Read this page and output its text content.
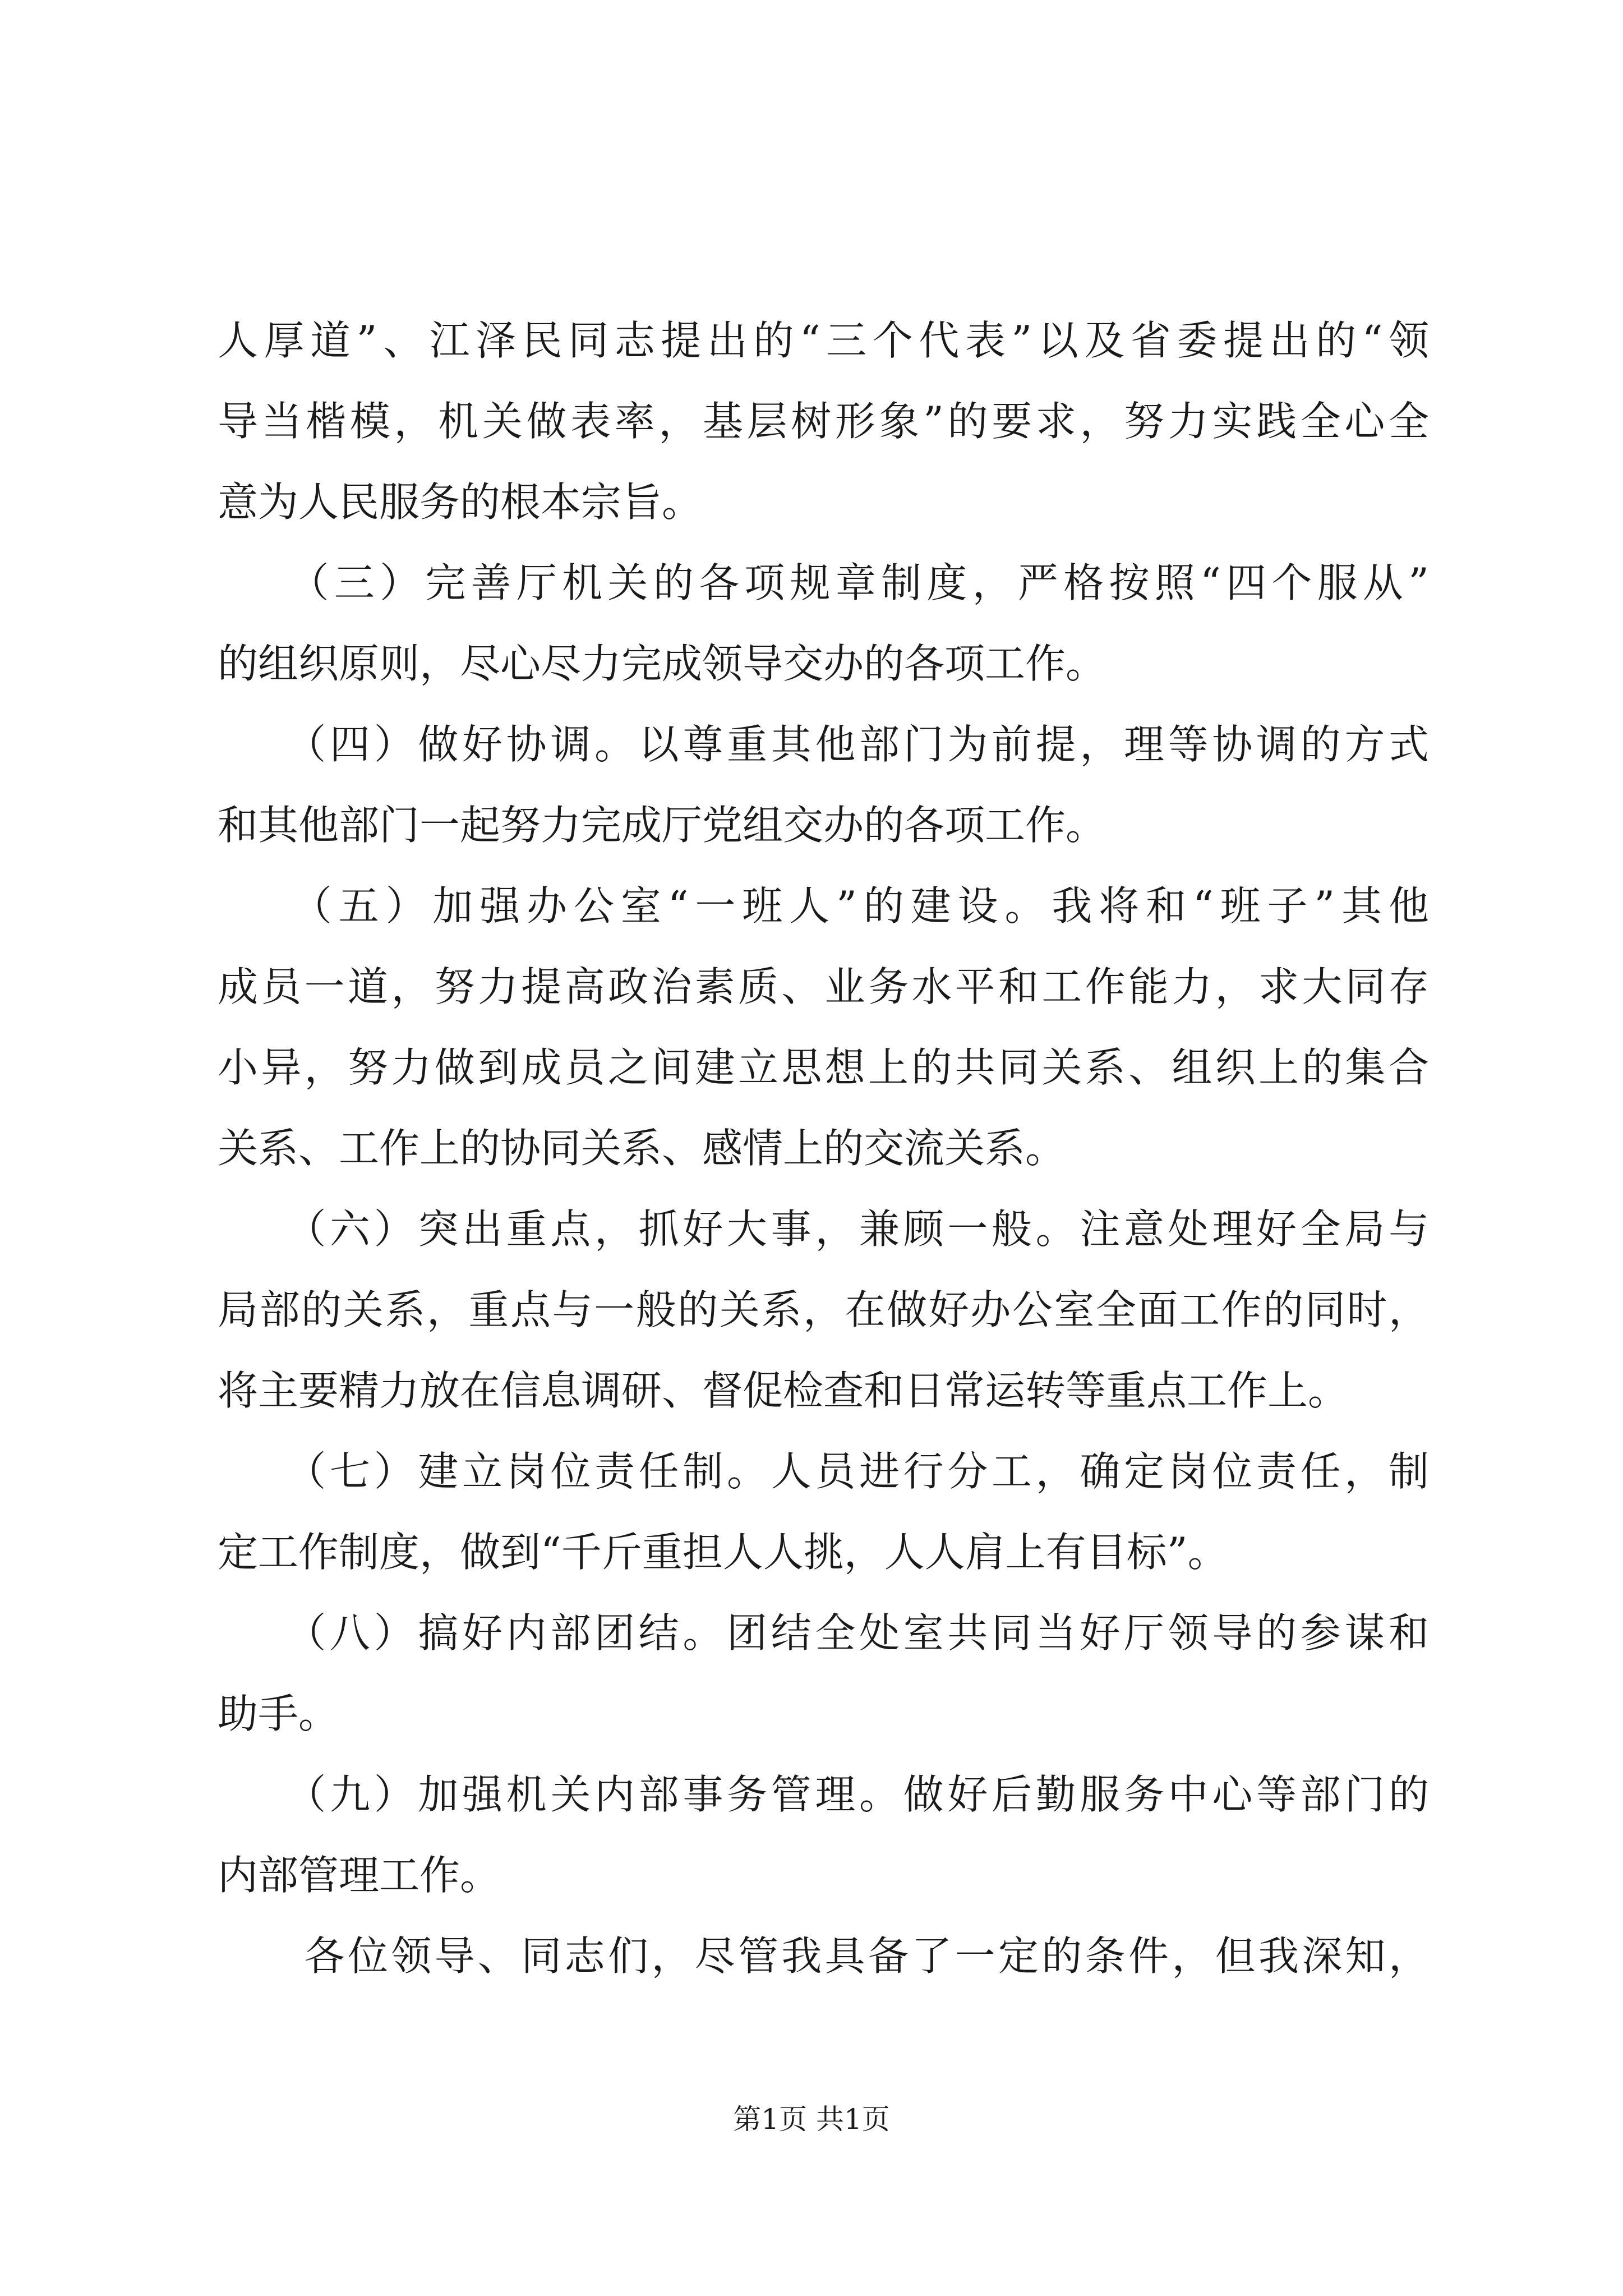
人厚道”、江泽民同志提出的“三个代表”以及省委提出的“领
导当楷模，机关做表率，基层树形象”的要求，努力实践全心全
意为人民服务的根本宗旨。
　　（三）完善厅机关的各项规章制度，严格按照“四个服从”
的组织原则，尽心尽力完成领导交办的各项工作。
　　（四）做好协调。以尊重其他部门为前提，理等协调的方式
和其他部门一起努力完成厅党组交办的各项工作。
　　（五）加强办公室“一班人”的建设。我将和“班子”其他
成员一道，努力提高政治素质、业务水平和工作能力，求大同存
小异，努力做到成员之间建立思想上的共同关系、组织上的集合
关系、工作上的协同关系、感情上的交流关系。
　　（六）突出重点，抓好大事，兼顾一般。注意处理好全局与
局部的关系，重点与一般的关系，在做好办公室全面工作的同时，
将主要精力放在信息调研、督促检查和日常运转等重点工作上。
　　（七）建立岗位责任制。人员进行分工，确定岗位责任，制
定工作制度，做到“千斤重担人人挑，人人肩上有目标”。
　　（八）搞好内部团结。团结全处室共同当好厅领导的参谋和
助手。
　　（九）加强机关内部事务管理。做好后勤服务中心等部门的
内部管理工作。
　　各位领导、同志们，尽管我具备了一定的条件，但我深知，
第1页 共1页
